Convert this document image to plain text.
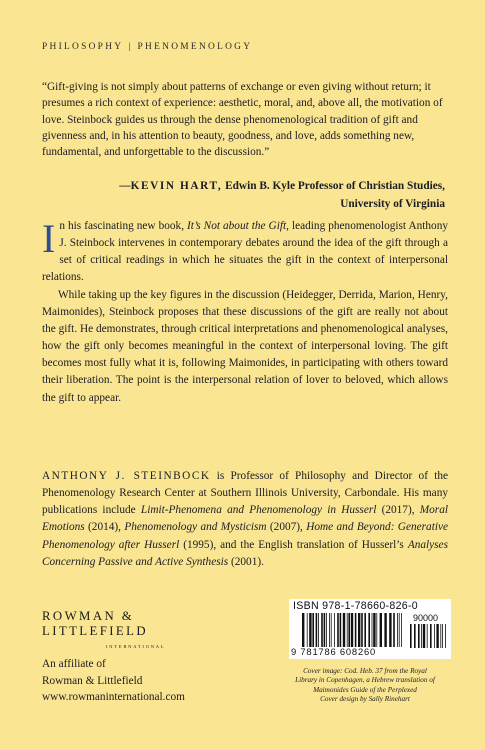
PHILOSOPHY | PHENOMENOLOGY
“Gift-giving is not simply about patterns of exchange or even giving without return; it presumes a rich context of experience: aesthetic, moral, and, above all, the motivation of love. Steinbock guides us through the dense phenomenological tradition of gift and givenness and, in his attention to beauty, goodness, and love, adds something new, fundamental, and unforgettable to the discussion.”
—KEVIN HART, Edwin B. Kyle Professor of Christian Studies,
University of Virginia

In his fascinating new book, It’s Not about the Gift, leading phenomenologist Anthony J. Steinbock intervenes in contemporary debates around the idea of the gift through a set of critical readings in which he situates the gift in the context of interpersonal relations.

While taking up the key figures in the discussion (Heidegger, Derrida, Marion, Henry, Maimonides), Steinbock proposes that these discussions of the gift are really not about the gift. He demonstrates, through critical interpretations and phenomenological analyses, how the gift only becomes meaningful in the context of interpersonal loving. The gift becomes most fully what it is, following Maimonides, in participating with others toward their liberation. The point is the interpersonal relation of lover to beloved, which allows the gift to appear.

ANTHONY J. STEINBOCK is Professor of Philosophy and Director of the Phenomenology Research Center at Southern Illinois University, Carbondale. His many publications include Limit-Phenomena and Phenomenology in Husserl (2017), Moral Emotions (2014), Phenomenology and Mysticism (2007), Home and Beyond: Generative Phenomenology after Husserl (1995), and the English translation of Husserl’s Analyses Concerning Passive and Active Synthesis (2001).
ROWMAN &
LITTLEFIELD
INTERNATIONAL
An affiliate of
Rowman & Littlefield
www.rowmaninternational.com
ISBN 978-1-78660-826-0
90000
9 781786 608260
Cover image: Cod. Heb. 37 from the Royal
Library in Copenhagen, a Hebrew translation of
Maimonides Guide of the Perplexed
Cover design by Sally Rinehart
